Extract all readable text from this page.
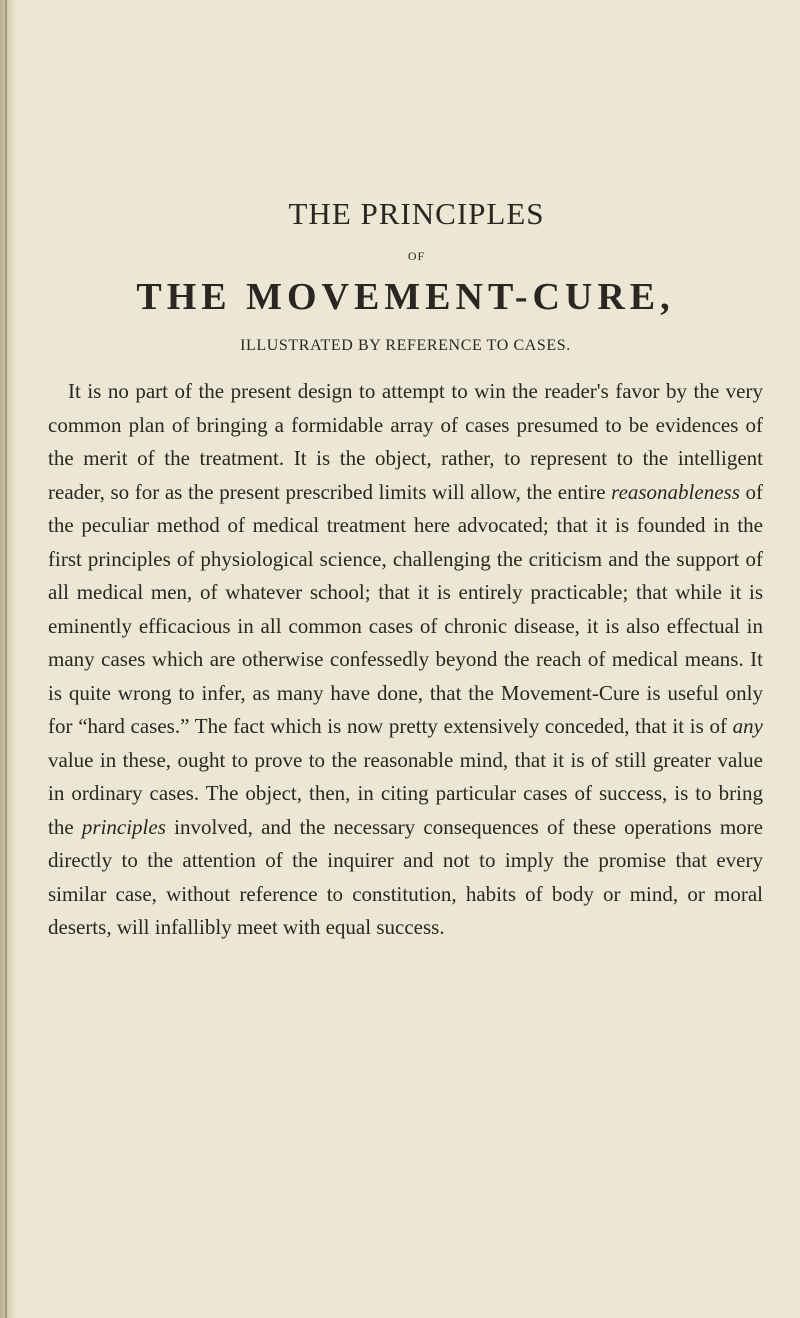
THE PRINCIPLES
OF
THE MOVEMENT-CURE,
ILLUSTRATED BY REFERENCE TO CASES.

It is no part of the present design to attempt to win the reader's favor by the very common plan of bringing a formidable array of cases presumed to be evidences of the merit of the treatment. It is the object, rather, to represent to the intelligent reader, so for as the present prescribed limits will allow, the entire reasonableness of the peculiar method of medical treatment here advocated; that it is founded in the first principles of physiological science, challenging the criticism and the support of all medical men, of whatever school; that it is entirely practicable; that while it is eminently efficacious in all common cases of chronic disease, it is also effectual in many cases which are otherwise confessedly beyond the reach of medical means. It is quite wrong to infer, as many have done, that the Movement-Cure is useful only for “hard cases.” The fact which is now pretty extensively conceded, that it is of any value in these, ought to prove to the reasonable mind, that it is of still greater value in ordinary cases. The object, then, in citing particular cases of success, is to bring the principles involved, and the necessary consequences of these operations more directly to the attention of the inquirer and not to imply the promise that every similar case, without reference to constitution, habits of body or mind, or moral deserts, will infallibly meet with equal success.
